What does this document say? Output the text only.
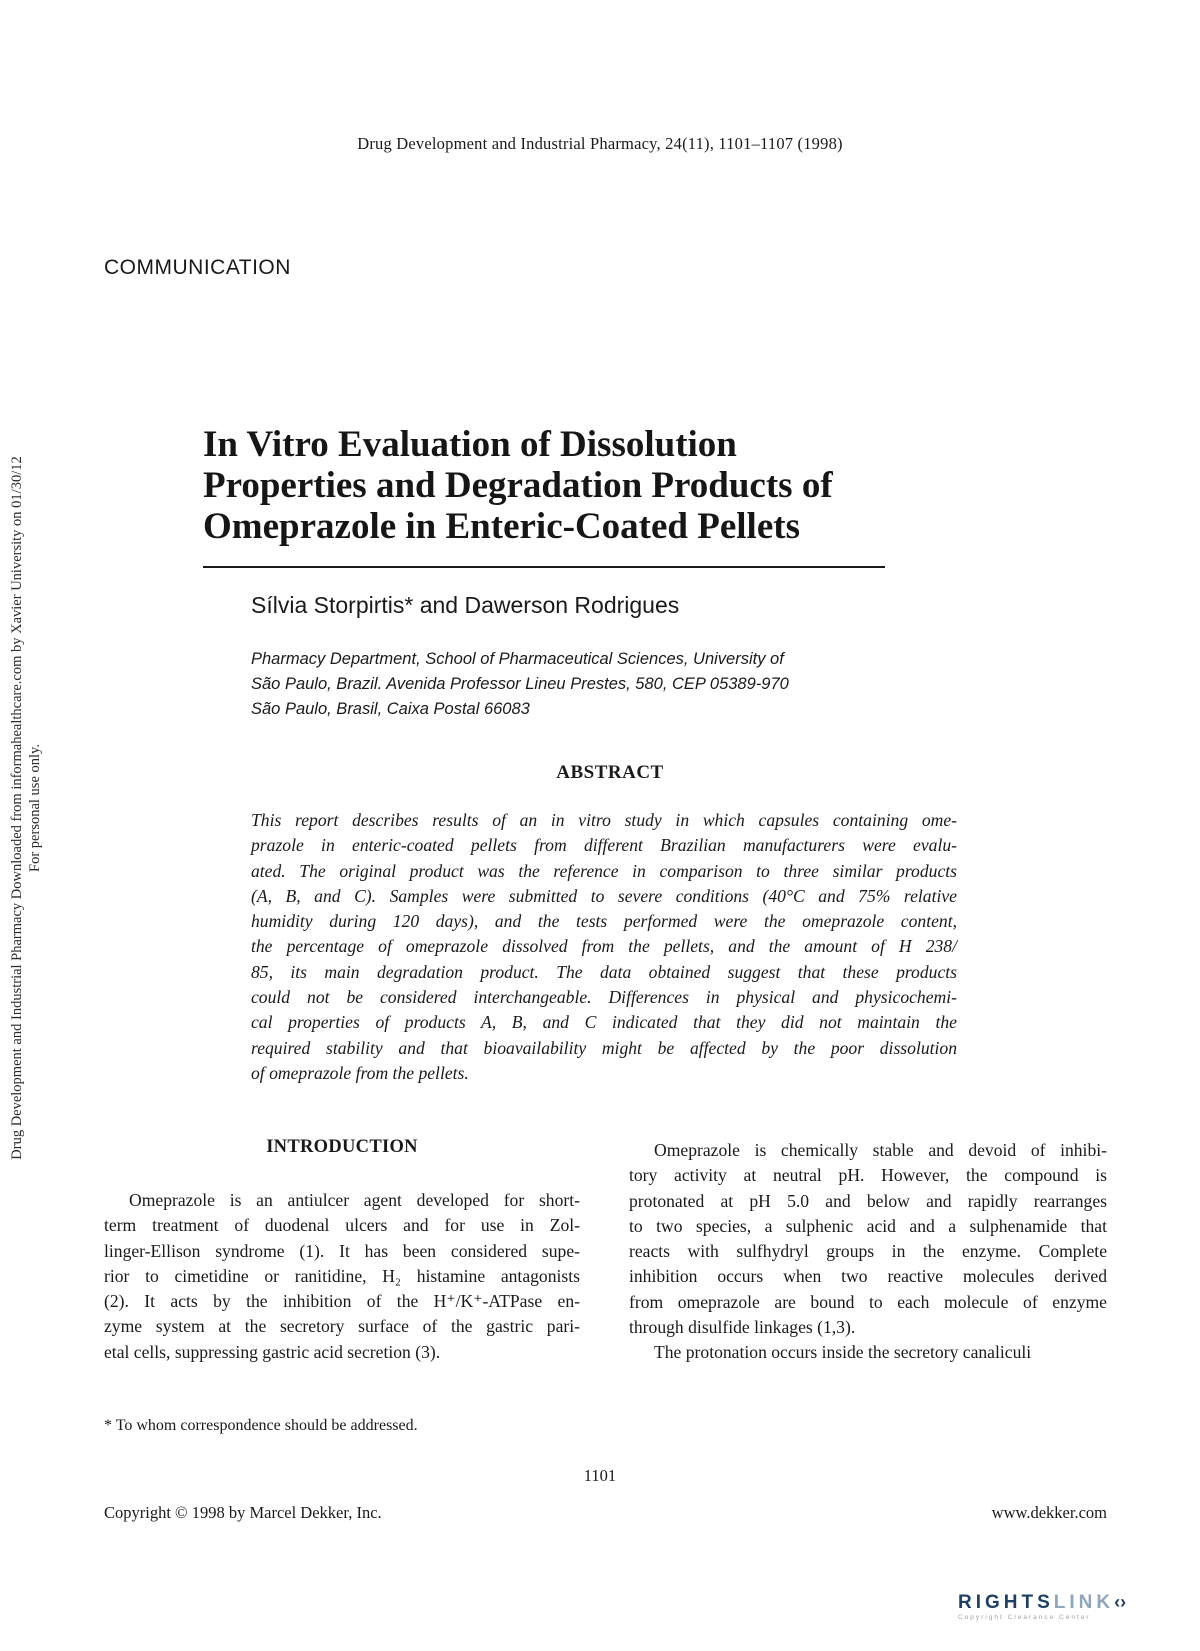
Drug Development and Industrial Pharmacy Downloaded from informahealthcare.com by Xavier University on 01/30/12 For personal use only.
Drug Development and Industrial Pharmacy, 24(11), 1101–1107 (1998)
COMMUNICATION
In Vitro Evaluation of Dissolution
Properties and Degradation Products of
Omeprazole in Enteric-Coated Pellets
Sílvia Storpirtis* and Dawerson Rodrigues
Pharmacy Department, School of Pharmaceutical Sciences, University of
São Paulo, Brazil. Avenida Professor Lineu Prestes, 580, CEP 05389-970
São Paulo, Brasil, Caixa Postal 66083
ABSTRACT
This report describes results of an in vitro study in which capsules containing ome-
prazole in enteric-coated pellets from different Brazilian manufacturers were evalu-
ated. The original product was the reference in comparison to three similar products
(A, B, and C). Samples were submitted to severe conditions (40°C and 75% relative
humidity during 120 days), and the tests performed were the omeprazole content,
the percentage of omeprazole dissolved from the pellets, and the amount of H 238/
85, its main degradation product. The data obtained suggest that these products
could not be considered interchangeable. Differences in physical and physicochemi-
cal properties of products A, B, and C indicated that they did not maintain the
required stability and that bioavailability might be affected by the poor dissolution
of omeprazole from the pellets.
INTRODUCTION
Omeprazole is an antiulcer agent developed for short-
term treatment of duodenal ulcers and for use in Zol-
linger-Ellison syndrome (1). It has been considered supe-
rior to cimetidine or ranitidine, H₂ histamine antagonists
(2). It acts by the inhibition of the H⁺/K⁺-ATPase en-
zyme system at the secretory surface of the gastric pari-
etal cells, suppressing gastric acid secretion (3).
Omeprazole is chemically stable and devoid of inhibi-
tory activity at neutral pH. However, the compound is
protonated at pH 5.0 and below and rapidly rearranges
to two species, a sulphenic acid and a sulphenamide that
reacts with sulfhydryl groups in the enzyme. Complete
inhibition occurs when two reactive molecules derived
from omeprazole are bound to each molecule of enzyme
through disulfide linkages (1,3).
The protonation occurs inside the secretory canaliculi
* To whom correspondence should be addressed.
1101
Copyright © 1998 by Marcel Dekker, Inc.	www.dekker.com
RIGHTSLINK‹›
Copyright Clearance Center
